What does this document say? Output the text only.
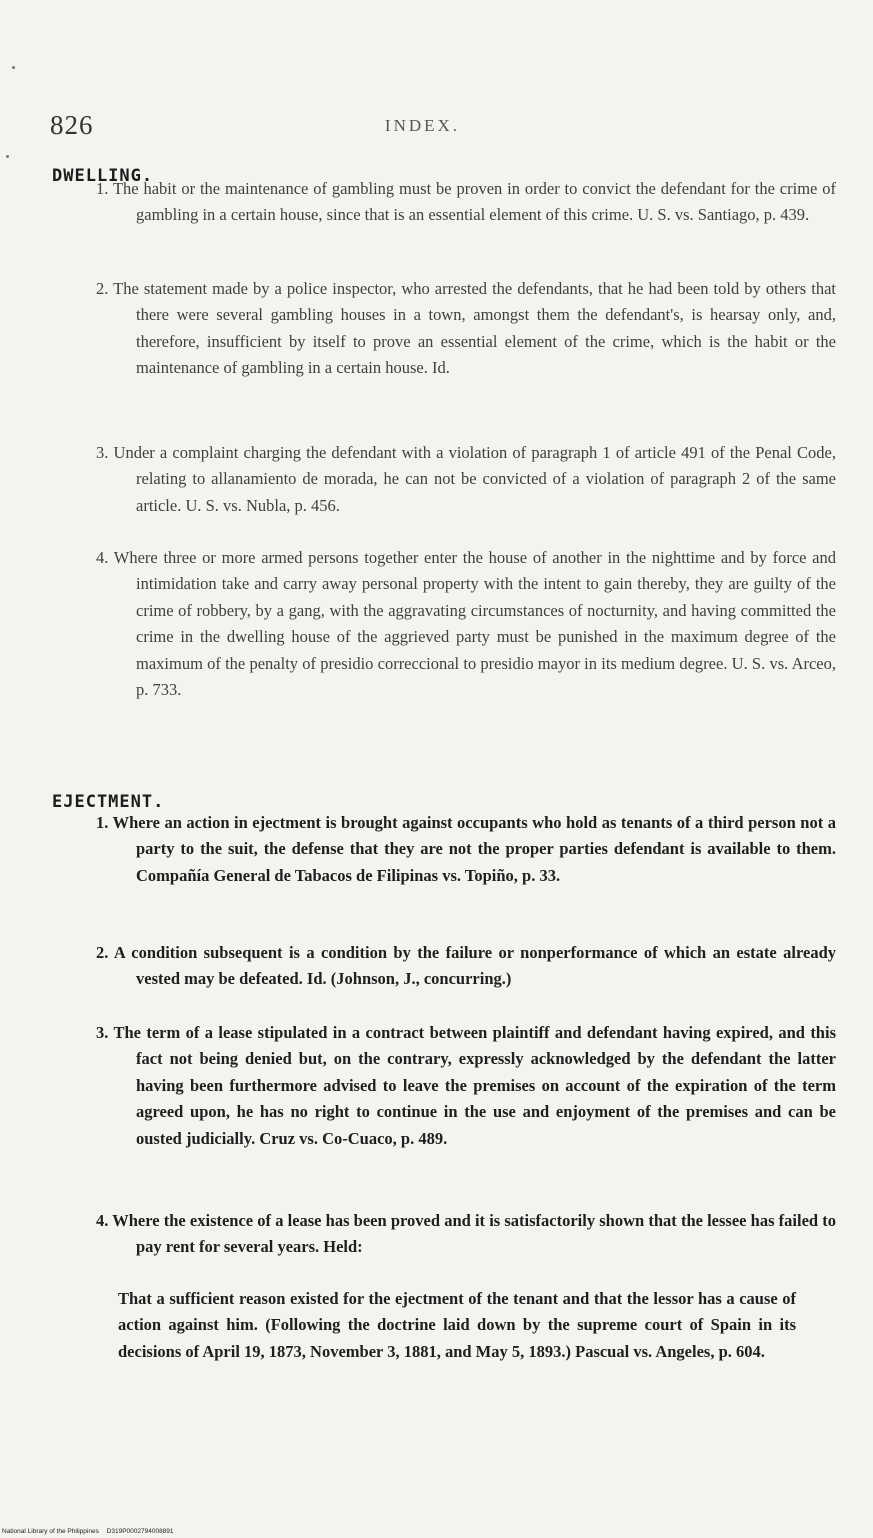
826	INDEX.
DWELLING.

1. The habit or the maintenance of gambling must be proven in order to convict the defendant for the crime of gambling in a certain house, since that is an essential element of this crime. U. S. vs. Santiago, p. 439.

2. The statement made by a police inspector, who arrested the defendants, that he had been told by others that there were several gambling houses in a town, amongst them the defendant's, is hearsay only, and, therefore, insufficient by itself to prove an essential element of the crime, which is the habit or the maintenance of gambling in a certain house. Id.

3. Under a complaint charging the defendant with a violation of paragraph 1 of article 491 of the Penal Code, relating to allanamiento de morada, he can not be convicted of a violation of paragraph 2 of the same article. U. S. vs. Nubla, p. 456.

4. Where three or more armed persons together enter the house of another in the nighttime and by force and intimidation take and carry away personal property with the intent to gain thereby, they are guilty of the crime of robbery, by a gang, with the aggravating circumstances of nocturnity, and having committed the crime in the dwelling house of the aggrieved party must be punished in the maximum degree of the maximum of the penalty of presidio correccional to presidio mayor in its medium degree. U. S. vs. Arceo, p. 733.

EJECTMENT.

1. Where an action in ejectment is brought against occupants who hold as tenants of a third person not a party to the suit, the defense that they are not the proper parties defendant is available to them. Compañía General de Tabacos de Filipinas vs. Topiño, p. 33.

2. A condition subsequent is a condition by the failure or nonperformance of which an estate already vested may be defeated. Id. (Johnson, J., concurring.)

3. The term of a lease stipulated in a contract between plaintiff and defendant having expired, and this fact not being denied but, on the contrary, expressly acknowledged by the defendant the latter having been furthermore advised to leave the premises on account of the expiration of the term agreed upon, he has no right to continue in the use and enjoyment of the premises and can be ousted judicially. Cruz vs. Co-Cuaco, p. 489.

4. Where the existence of a lease has been proved and it is satisfactorily shown that the lessee has failed to pay rent for several years. Held:

That a sufficient reason existed for the ejectment of the tenant and that the lessor has a cause of action against him. (Following the doctrine laid down by the supreme court of Spain in its decisions of April 19, 1873, November 3, 1881, and May 5, 1893.) Pascual vs. Angeles, p. 604.

National Library of the Philippines D319P0002794008891
